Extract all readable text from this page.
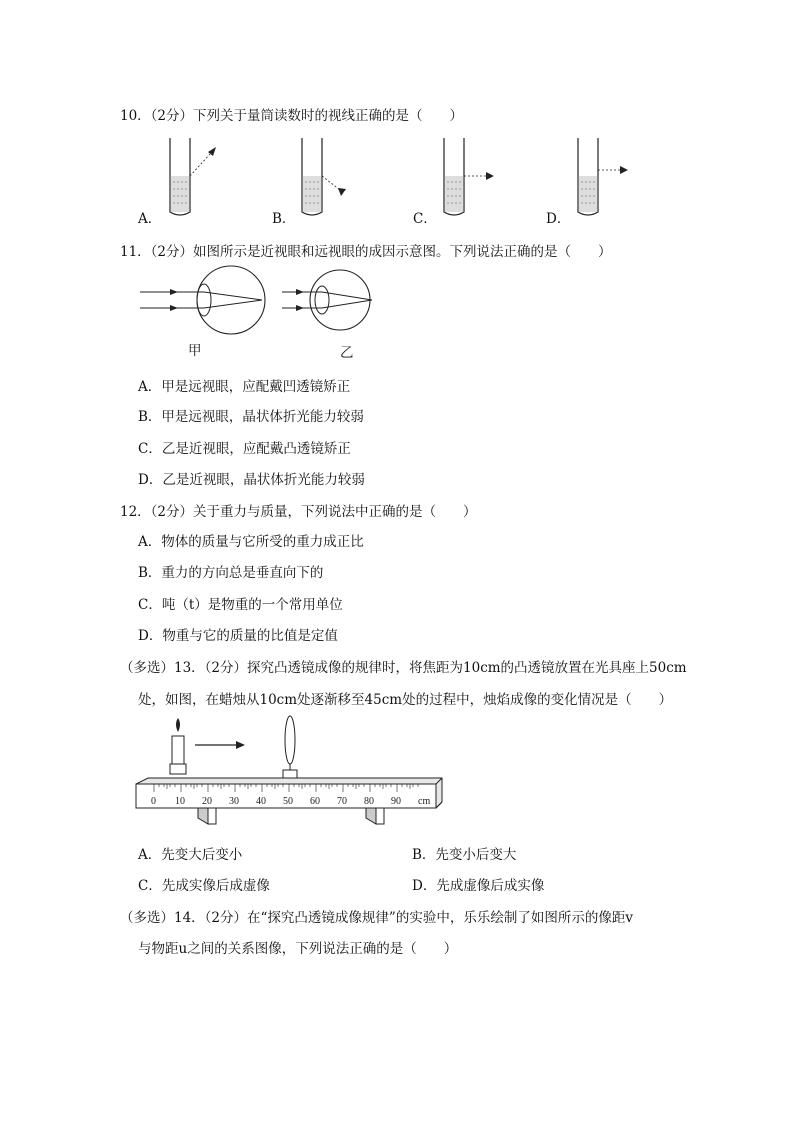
10．（2分）下列关于量筒读数时的视线正确的是（　　）
A．	B．	C．	D．
11．（2分）如图所示是近视眼和远视眼的成因示意图。下列说法正确的是（　　）
甲	乙
A．甲是远视眼，应配戴凹透镜矫正
B．甲是远视眼，晶状体折光能力较弱
C．乙是近视眼，应配戴凸透镜矫正
D．乙是近视眼，晶状体折光能力较弱
12．（2分）关于重力与质量，下列说法中正确的是（　　）
A．物体的质量与它所受的重力成正比
B．重力的方向总是垂直向下的
C．吨（t）是物重的一个常用单位
D．物重与它的质量的比值是定值
（多选）13．（2分）探究凸透镜成像的规律时，将焦距为10cm的凸透镜放置在光具座上50cm
处，如图，在蜡烛从10cm处逐渐移至45cm处的过程中，烛焰成像的变化情况是（　　）
0 10 20 30 40 50 60 70 80 90 cm
A．先变大后变小	B．先变小后变大
C．先成实像后成虚像	D．先成虚像后成实像
（多选）14．（2分）在“探究凸透镜成像规律”的实验中，乐乐绘制了如图所示的像距v
与物距u之间的关系图像，下列说法正确的是（　　）
